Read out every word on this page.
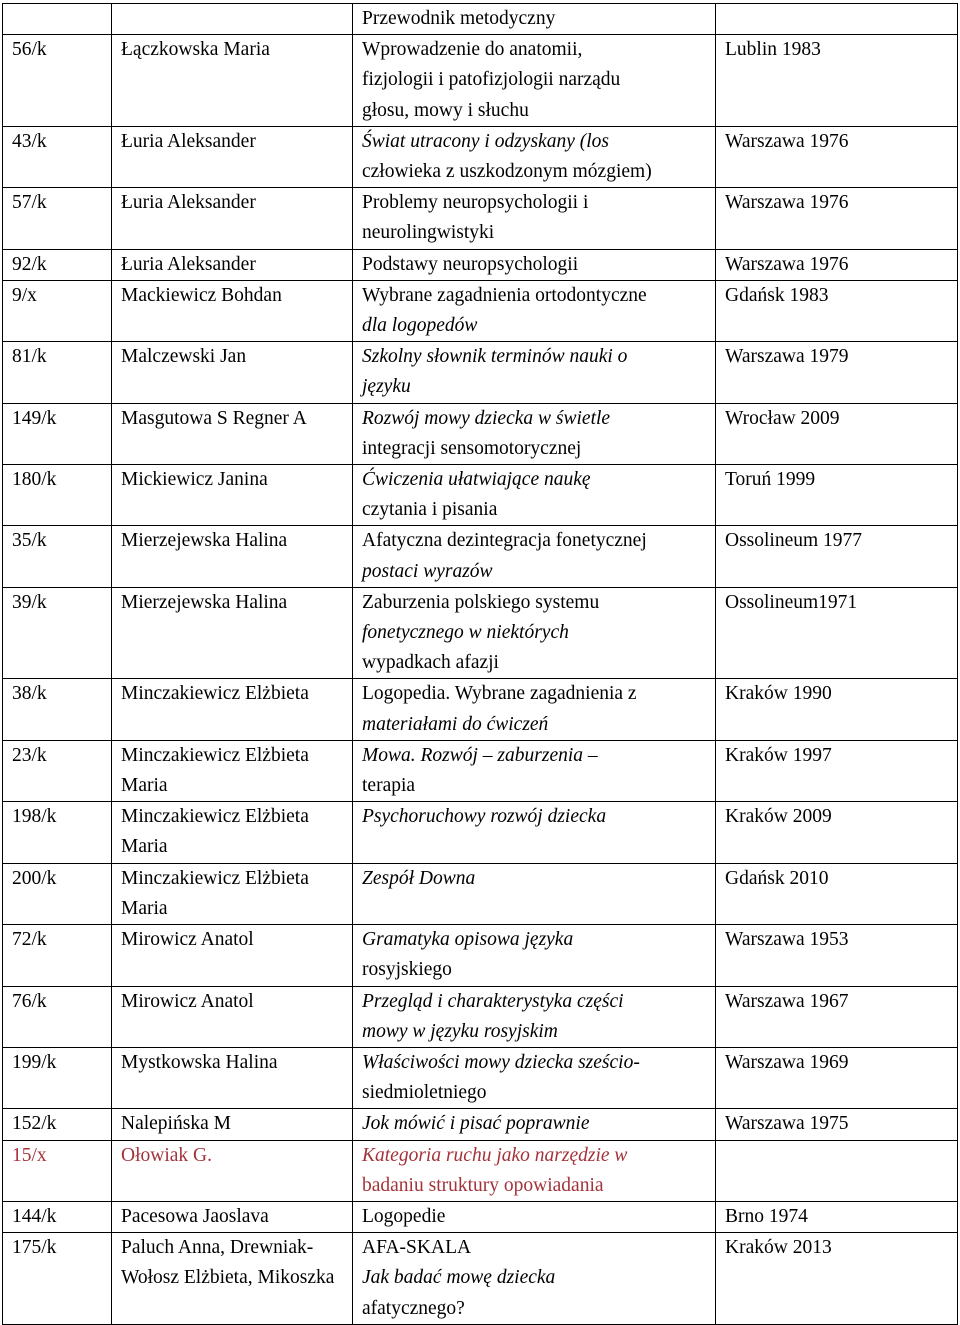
		Przewodnik metodyczny	
56/k	Łączkowska Maria	Wprowadzenie do anatomii,
fizjologii i patofizjologii narządu
głosu, mowy i słuchu	Lublin 1983
43/k	Łuria Aleksander	Świat utracony i odzyskany (los
człowieka z uszkodzonym mózgiem)	Warszawa 1976
57/k	Łuria Aleksander	Problemy neuropsychologii i
neurolingwistyki	Warszawa 1976
92/k	Łuria Aleksander	Podstawy neuropsychologii	Warszawa 1976
9/x	Mackiewicz Bohdan	Wybrane zagadnienia ortodontyczne
dla logopedów	Gdańsk 1983
81/k	Malczewski Jan	Szkolny słownik terminów nauki o
języku	Warszawa 1979
149/k	Masgutowa S Regner A	Rozwój mowy dziecka w świetle
integracji sensomotorycznej	Wrocław 2009
180/k	Mickiewicz Janina	Ćwiczenia ułatwiające naukę
czytania i pisania	Toruń 1999
35/k	Mierzejewska Halina	Afatyczna dezintegracja fonetycznej
postaci wyrazów	Ossolineum 1977
39/k	Mierzejewska Halina	Zaburzenia polskiego systemu
fonetycznego w niektórych
wypadkach afazji	Ossolineum1971
38/k	Minczakiewicz Elżbieta	Logopedia. Wybrane zagadnienia z
materiałami do ćwiczeń	Kraków 1990
23/k	Minczakiewicz Elżbieta Maria	Mowa. Rozwój – zaburzenia –
terapia	Kraków 1997
198/k	Minczakiewicz Elżbieta Maria	Psychoruchowy rozwój dziecka	Kraków 2009
200/k	Minczakiewicz Elżbieta Maria	Zespół Downa	Gdańsk 2010
72/k	Mirowicz Anatol	Gramatyka opisowa języka
rosyjskiego	Warszawa 1953
76/k	Mirowicz Anatol	Przegląd i charakterystyka części
mowy w języku rosyjskim	Warszawa 1967
199/k	Mystkowska Halina	Właściwości mowy dziecka sześcio-
siedmioletniego	Warszawa 1969
152/k	Nalepińska M	Jok mówić i pisać poprawnie	Warszawa 1975
15/x	Ołowiak G.	Kategoria ruchu jako narzędzie w
badaniu struktury opowiadania	

144/k	Pacesowa Jaoslava	Logopedie	Brno 1974
175/k	Paluch Anna, Drewniak-Wołosz Elżbieta, Mikoszka	AFA-SKALA
Jak badać mowę dziecka
afatycznego?	Kraków 2013
